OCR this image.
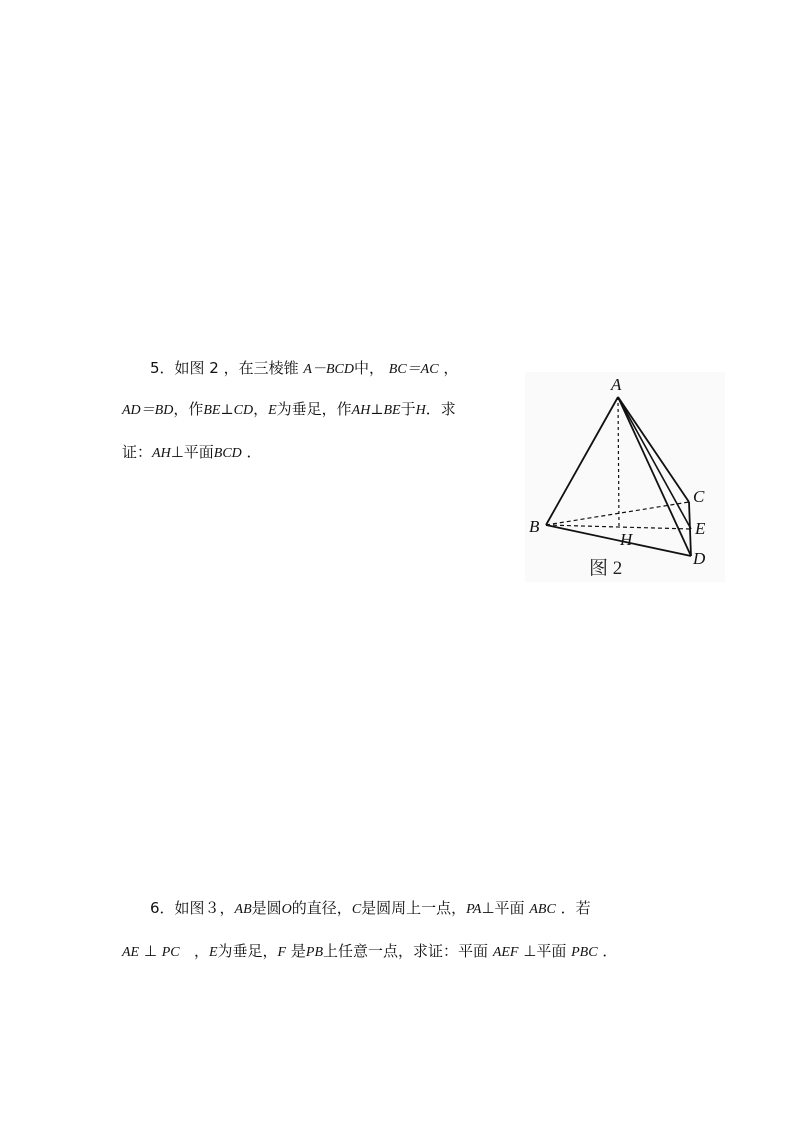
5．如图 2 ，在三棱锥 A－BCD中， BC＝AC ，
AD＝BD，作BE⊥CD，E为垂足，作AH⊥BE于H．求
证：AH⊥平面BCD ．
A
B
C
E
D
H
图 2
6．如图３，AB是圆O的直径，C是圆周上一点，PA⊥平面 ABC ．若
AE ⊥ PC ，E为垂足，F 是PB上任意一点，求证：平面 AEF ⊥平面 PBC ．
